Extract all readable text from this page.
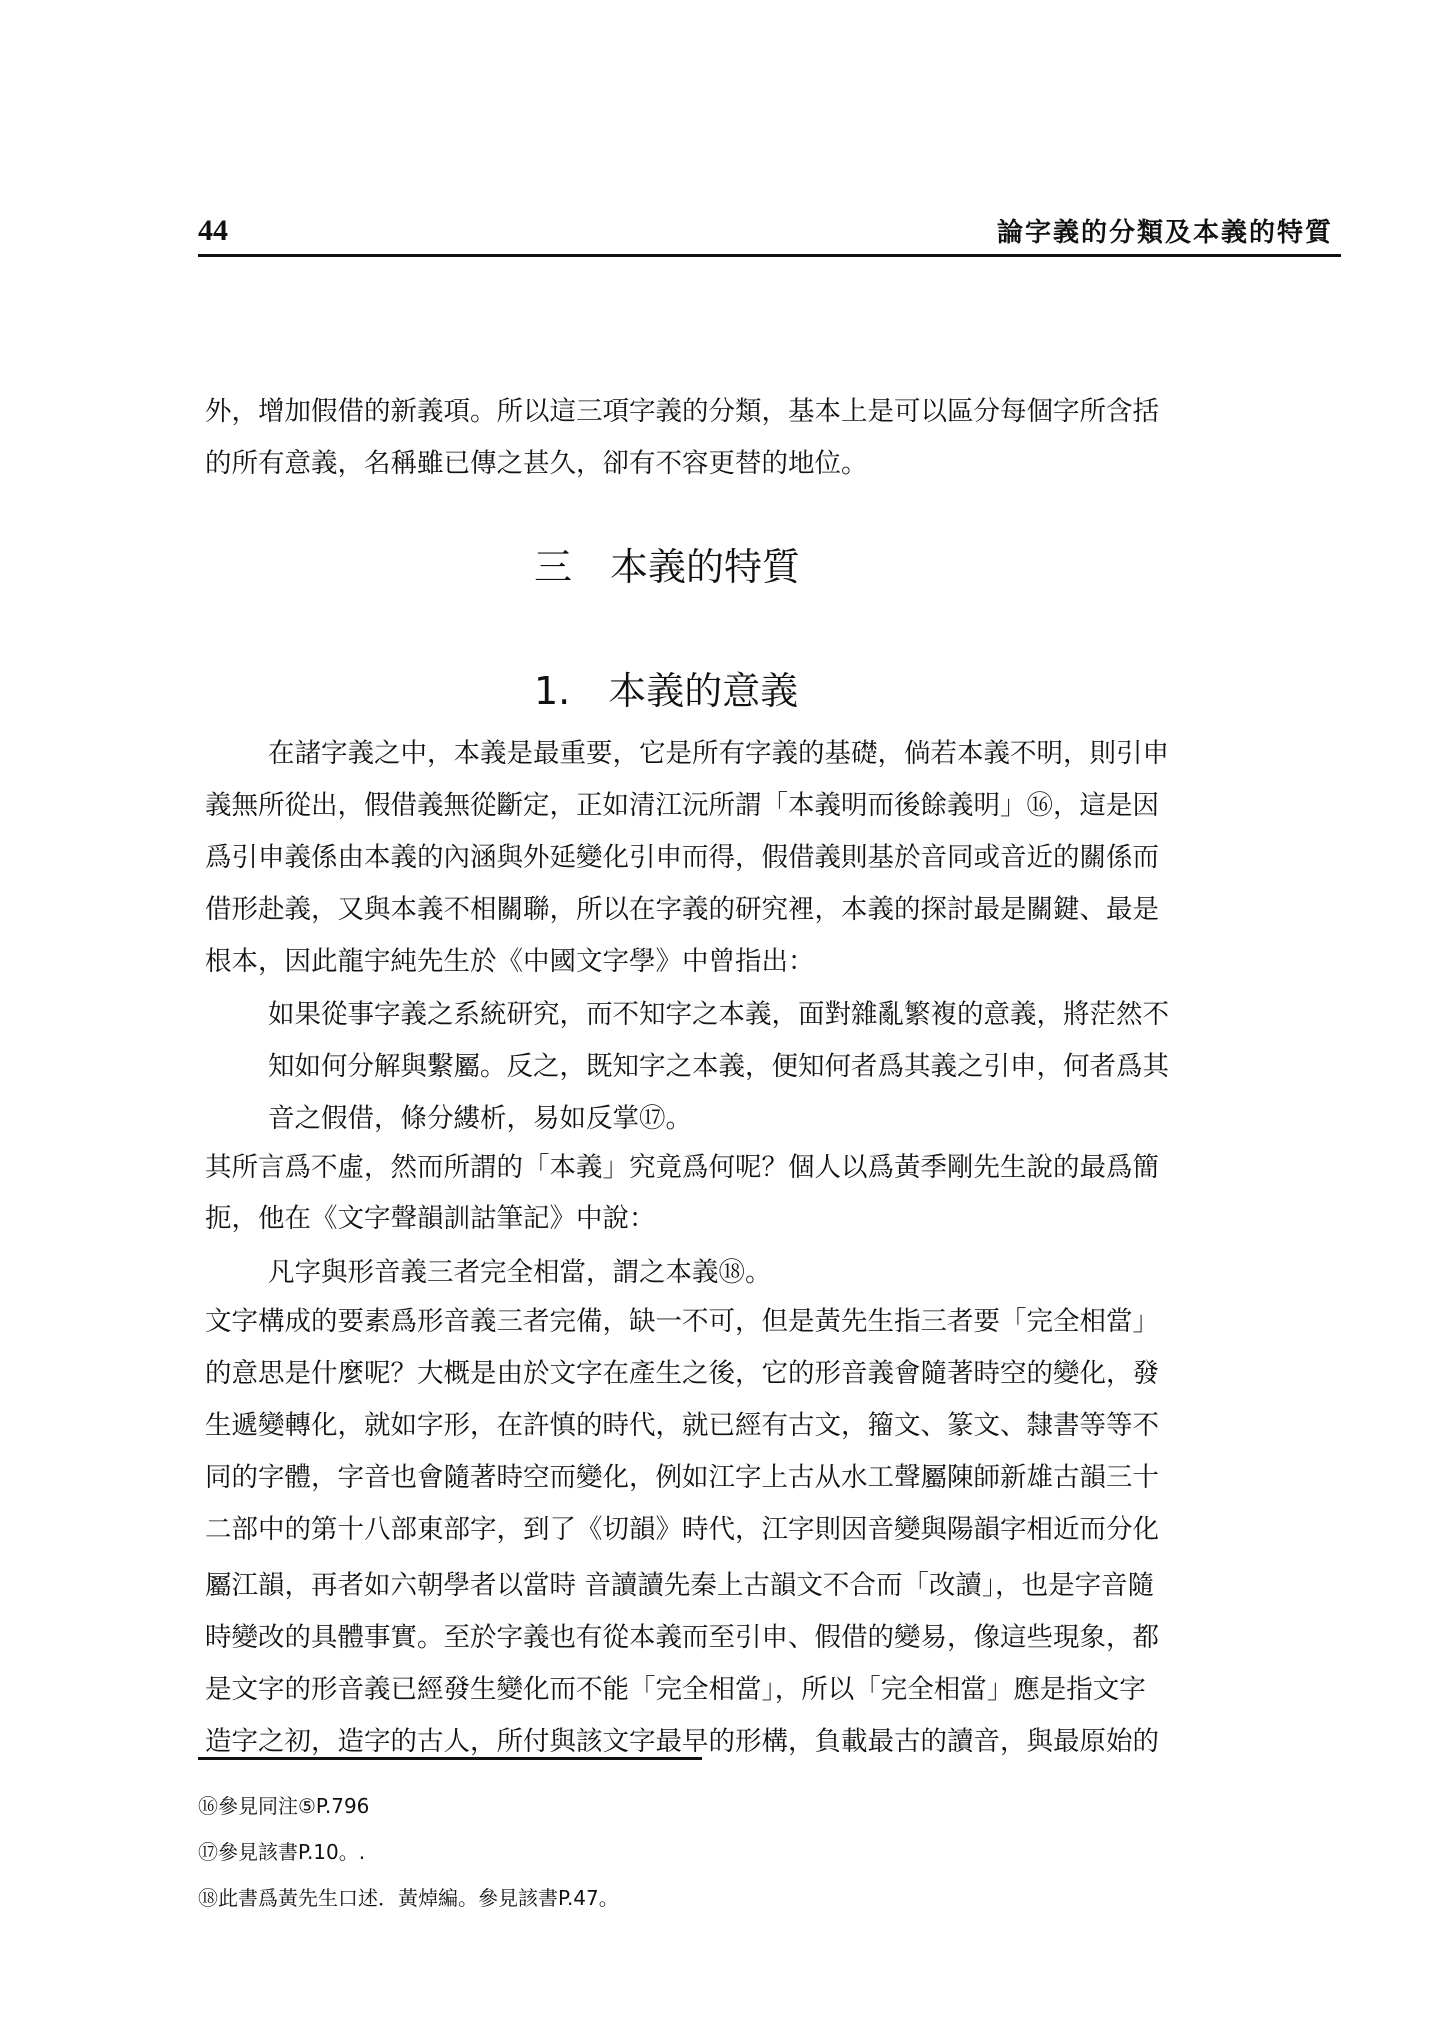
44	論字義的分類及本義的特質
外，增加假借的新義項。所以這三項字義的分類，基本上是可以區分每個字所含括
的所有意義，名稱雖已傳之甚久，卻有不容更替的地位。
三　本義的特質
1.　本義的意義
在諸字義之中，本義是最重要，它是所有字義的基礎，倘若本義不明，則引申
義無所從出，假借義無從斷定，正如清江沅所謂「本義明而後餘義明」⑯，這是因
爲引申義係由本義的內涵與外延變化引申而得，假借義則基於音同或音近的關係而
借形赴義，又與本義不相關聯，所以在字義的研究裡，本義的探討最是關鍵、最是
根本，因此龍宇純先生於《中國文字學》中曾指出：
如果從事字義之系統研究，而不知字之本義，面對雜亂繁複的意義，將茫然不
知如何分解與繫屬。反之，既知字之本義，便知何者爲其義之引申，何者爲其
音之假借，條分縷析，易如反掌⑰。
其所言爲不虛，然而所謂的「本義」究竟爲何呢？個人以爲黃季剛先生說的最爲簡
扼，他在《文字聲韻訓詁筆記》中說：
凡字與形音義三者完全相當，謂之本義⑱。
文字構成的要素爲形音義三者完備，缺一不可，但是黃先生指三者要「完全相當」
的意思是什麼呢？大概是由於文字在產生之後，它的形音義會隨著時空的變化，發
生遞變轉化，就如字形，在許慎的時代，就已經有古文，籀文、篆文、隸書等等不
同的字體，字音也會隨著時空而變化，例如江字上古从水工聲屬陳師新雄古韻三十
二部中的第十八部東部字，到了《切韻》時代，江字則因音變與陽韻字相近而分化
屬江韻，再者如六朝學者以當時 音讀讀先秦上古韻文不合而「改讀」，也是字音隨
時變改的具體事實。至於字義也有從本義而至引申、假借的變易，像這些現象，都
是文字的形音義已經發生變化而不能「完全相當」，所以「完全相當」應是指文字
造字之初，造字的古人，所付與該文字最早的形構，負載最古的讀音，與最原始的
⑯參見同注⑤P.796
⑰參見該書P.10。.
⑱此書爲黃先生口述．黃焯編。參見該書P.47。
